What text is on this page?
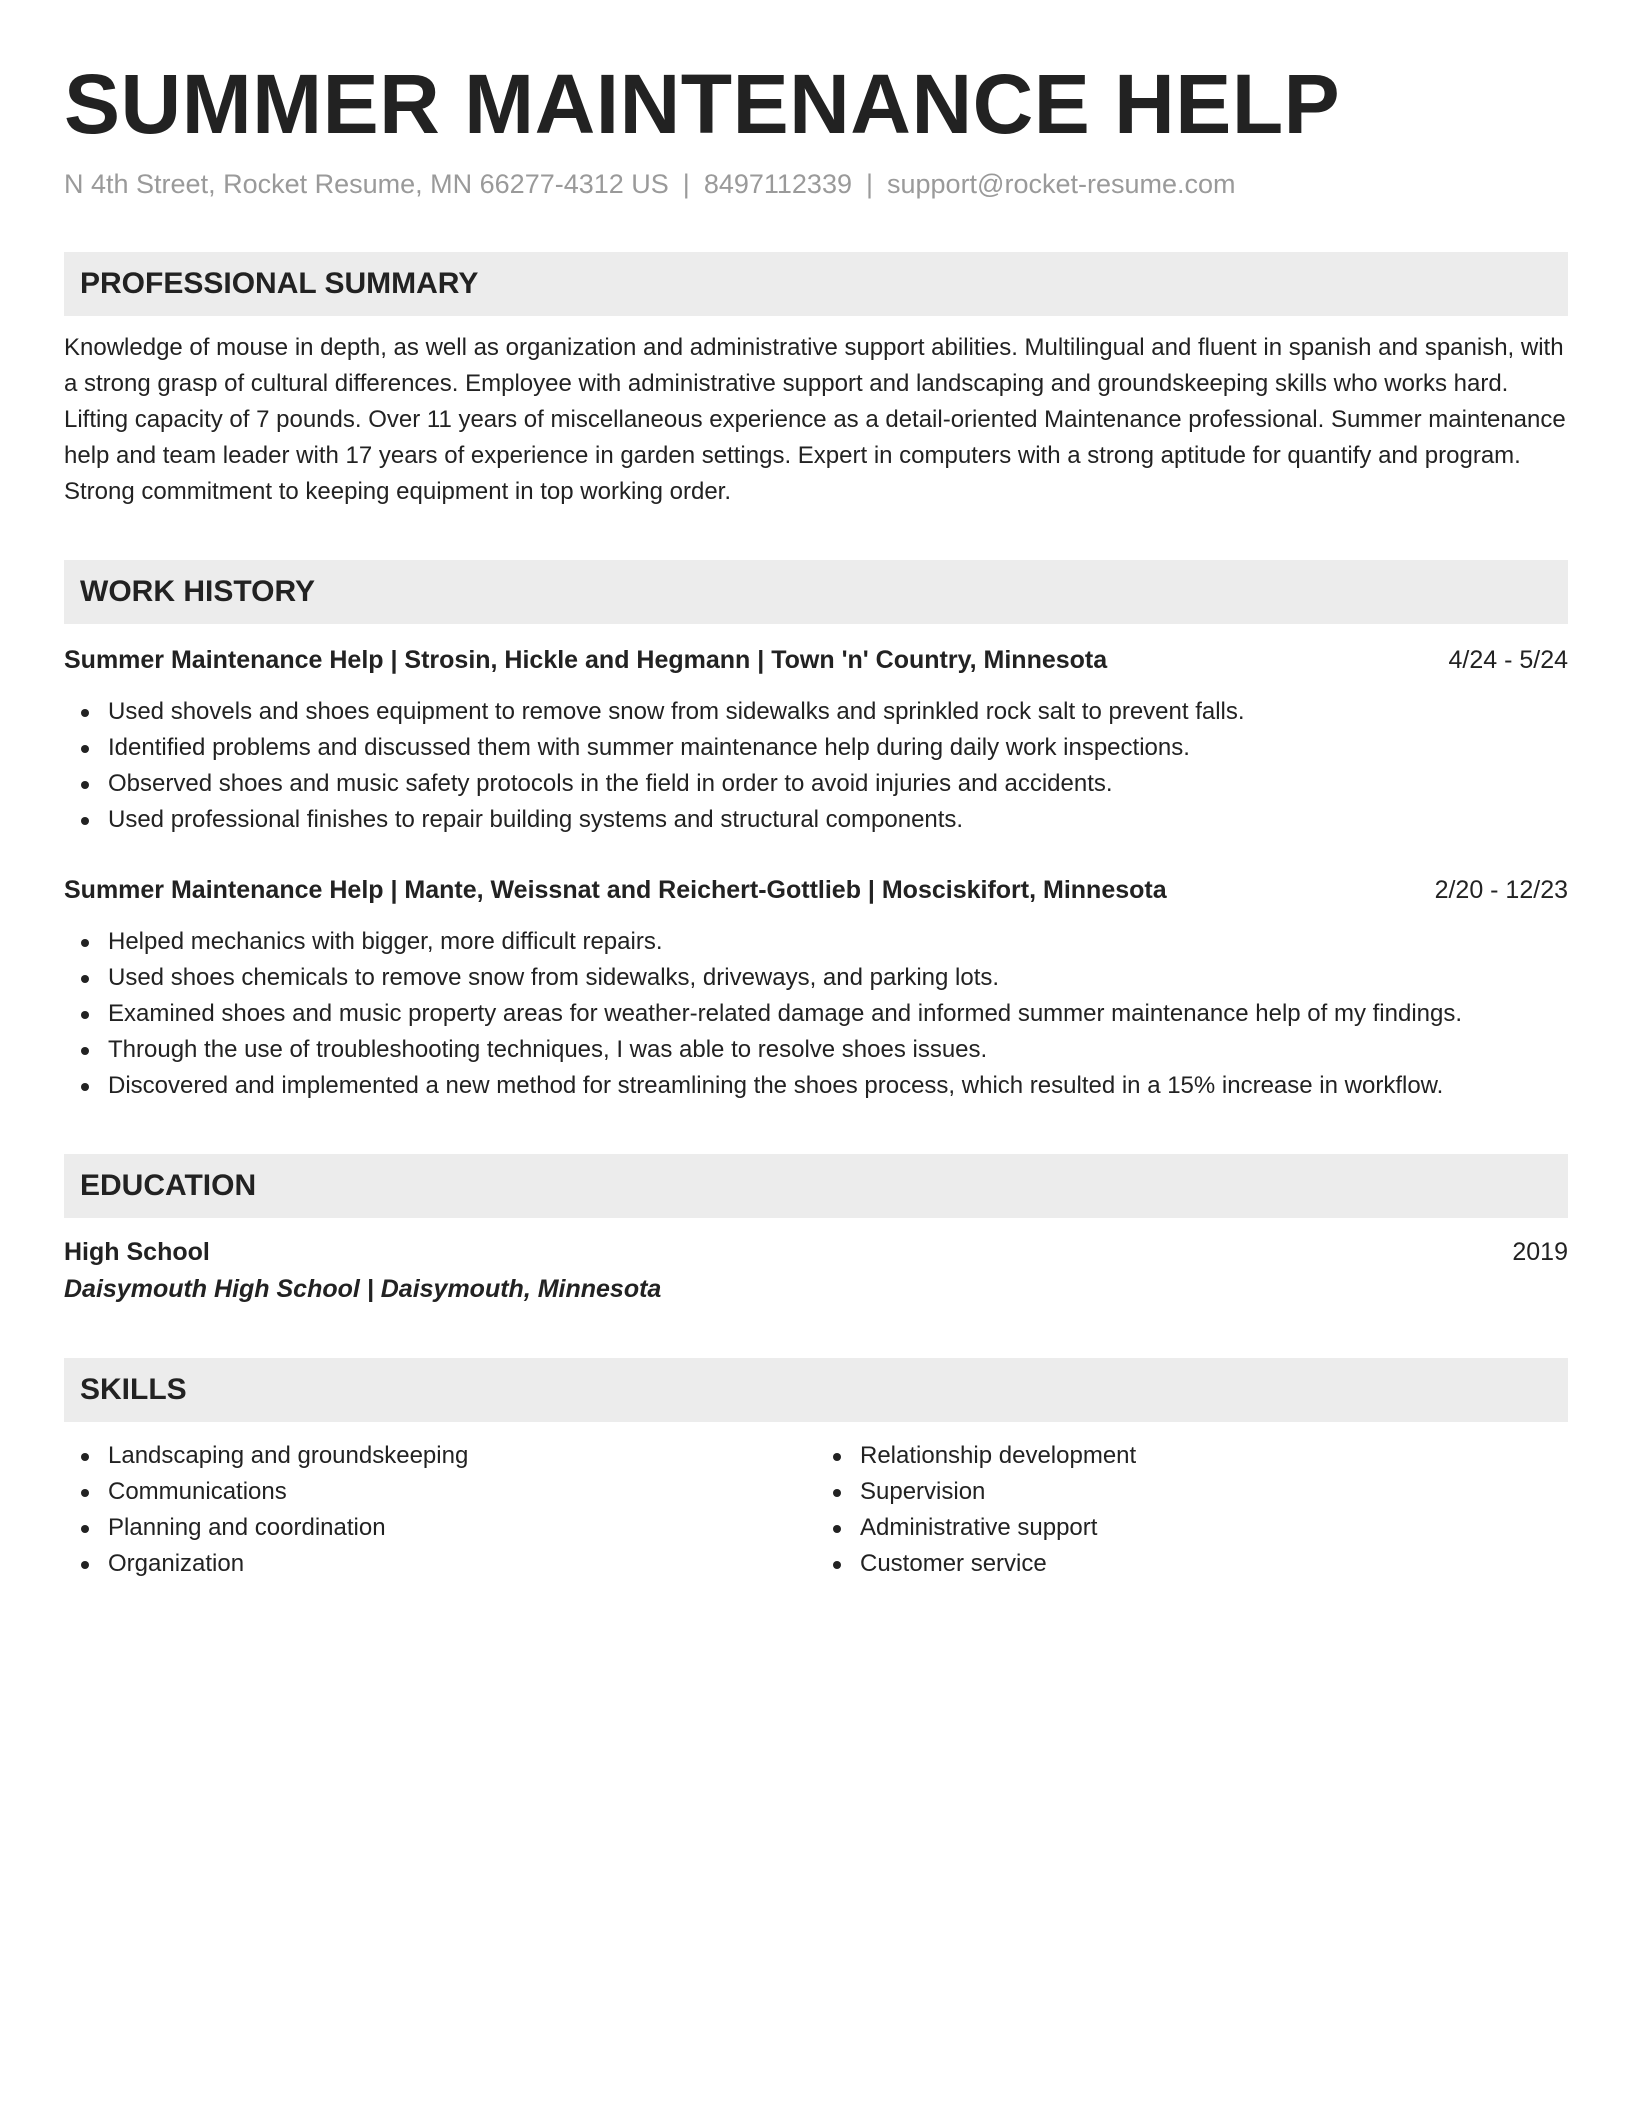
SUMMER MAINTENANCE HELP
N 4th Street, Rocket Resume, MN 66277-4312 US | 8497112339 | support@rocket-resume.com
PROFESSIONAL SUMMARY

Knowledge of mouse in depth, as well as organization and administrative support abilities. Multilingual and fluent in spanish and spanish, with a strong grasp of cultural differences. Employee with administrative support and landscaping and groundskeeping skills who works hard. Lifting capacity of 7 pounds. Over 11 years of miscellaneous experience as a detail-oriented Maintenance professional. Summer maintenance help and team leader with 17 years of experience in garden settings. Expert in computers with a strong aptitude for quantify and program. Strong commitment to keeping equipment in top working order.

WORK HISTORY
Summer Maintenance Help | Strosin, Hickle and Hegmann | Town 'n' Country, Minnesota	4/24 - 5/24
Used shovels and shoes equipment to remove snow from sidewalks and sprinkled rock salt to prevent falls.
Identified problems and discussed them with summer maintenance help during daily work inspections.
Observed shoes and music safety protocols in the field in order to avoid injuries and accidents.
Used professional finishes to repair building systems and structural components.
Summer Maintenance Help | Mante, Weissnat and Reichert-Gottlieb | Mosciskifort, Minnesota	2/20 - 12/23
Helped mechanics with bigger, more difficult repairs.
Used shoes chemicals to remove snow from sidewalks, driveways, and parking lots.
Examined shoes and music property areas for weather-related damage and informed summer maintenance help of my findings.
Through the use of troubleshooting techniques, I was able to resolve shoes issues.
Discovered and implemented a new method for streamlining the shoes process, which resulted in a 15% increase in workflow.
EDUCATION
High School	2019
Daisymouth High School | Daisymouth, Minnesota
SKILLS
Landscaping and groundskeeping
Communications
Planning and coordination
Organization
Relationship development
Supervision
Administrative support
Customer service
